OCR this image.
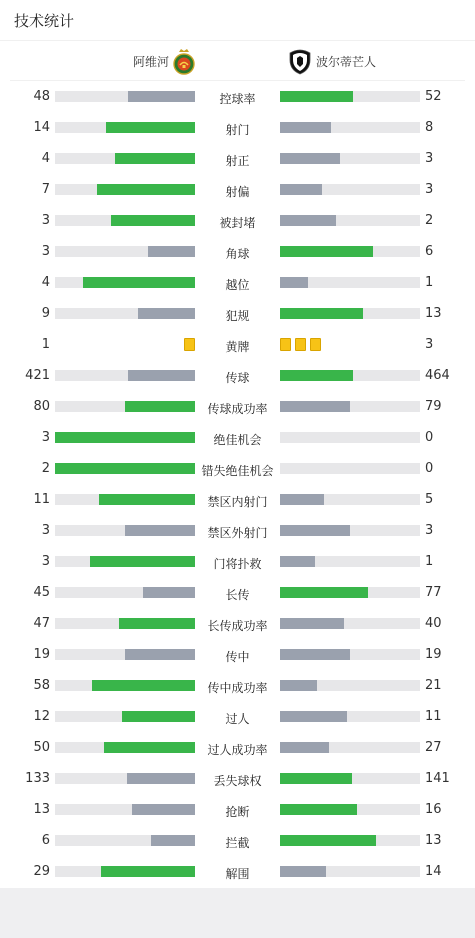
技术统计
阿维河	波尔蒂芒人
48	控球率	52
14	射门	8
4	射正	3
7	射偏	3
3	被封堵	2
3	角球	6
4	越位	1
9	犯规	13
1	黄牌	3
421	传球	464
80	传球成功率	79
3	绝佳机会	0
2	错失绝佳机会	0
11	禁区内射门	5
3	禁区外射门	3
3	门将扑救	1
45	长传	77
47	长传成功率	40
19	传中	19
58	传中成功率	21
12	过人	11
50	过人成功率	27
133	丢失球权	141
13	抢断	16
6	拦截	13
29	解围	14
